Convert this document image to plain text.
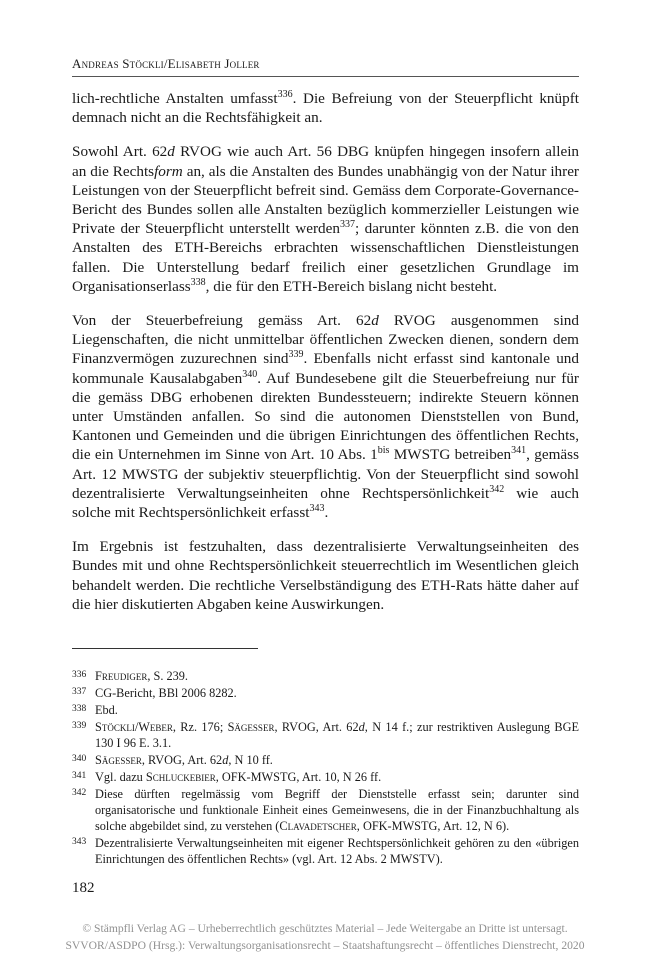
Andreas Stöckli/Elisabeth Joller

lich-rechtliche Anstalten umfasst$^{336}$. Die Befreiung von der Steuerpflicht knüpft demnach nicht an die Rechtsfähigkeit an.

Sowohl Art. 62d RVOG wie auch Art. 56 DBG knüpfen hingegen insofern allein an die Rechtsform an, als die Anstalten des Bundes unabhängig von der Natur ihrer Leistungen von der Steuerpflicht befreit sind. Gemäss dem Corporate-Governance-Bericht des Bundes sollen alle Anstalten bezüglich kommerzieller Leistungen wie Private der Steuerpflicht unterstellt werden$^{337}$; darunter könnten z.B. die von den Anstalten des ETH-Bereichs erbrachten wissenschaftlichen Dienstleistungen fallen. Die Unterstellung bedarf freilich einer gesetzlichen Grundlage im Organisationserlass$^{338}$, die für den ETH-Bereich bislang nicht besteht.

Von der Steuerbefreiung gemäss Art. 62d RVOG ausgenommen sind Liegenschaften, die nicht unmittelbar öffentlichen Zwecken dienen, sondern dem Finanzvermögen zuzurechnen sind$^{339}$. Ebenfalls nicht erfasst sind kantonale und kommunale Kausalabgaben$^{340}$. Auf Bundesebene gilt die Steuerbefreiung nur für die gemäss DBG erhobenen direkten Bundessteuern; indirekte Steuern können unter Umständen anfallen. So sind die autonomen Dienststellen von Bund, Kantonen und Gemeinden und die übrigen Einrichtungen des öffentlichen Rechts, die ein Unternehmen im Sinne von Art. 10 Abs. $1^{bis}$ MWSTG betreiben$^{341}$, gemäss Art. 12 MWSTG der subjektiv steuerpflichtig. Von der Steuerpflicht sind sowohl dezentralisierte Verwaltungseinheiten ohne Rechtspersönlichkeit$^{342}$ wie auch solche mit Rechtspersönlichkeit erfasst$^{343}$.

Im Ergebnis ist festzuhalten, dass dezentralisierte Verwaltungseinheiten des Bundes mit und ohne Rechtspersönlichkeit steuerrechtlich im Wesentlichen gleich behandelt werden. Die rechtliche Verselbständigung des ETH-Rats hätte daher auf die hier diskutierten Abgaben keine Auswirkungen.

336 Freudiger, S. 239.
337 CG-Bericht, BBl 2006 8282.
338 Ebd.
339 Stöckli/Weber, Rz. 176; Sägesser, RVOG, Art. 62d, N 14 f.; zur restriktiven Auslegung BGE 130 I 96 E. 3.1.
340 Sägesser, RVOG, Art. 62d, N 10 ff.
341 Vgl. dazu Schluckebier, OFK-MWSTG, Art. 10, N 26 ff.
342 Diese dürften regelmässig vom Begriff der Dienststelle erfasst sein; darunter sind organisatorische und funktionale Einheit eines Gemeinwesens, die in der Finanzbuchhaltung als solche abgebildet sind, zu verstehen (Clavadetscher, OFK-MWSTG, Art. 12, N 6).
343 Dezentralisierte Verwaltungseinheiten mit eigener Rechtspersönlichkeit gehören zu den «übrigen Einrichtungen des öffentlichen Rechts» (vgl. Art. 12 Abs. 2 MWSTV).
182
© Stämpfli Verlag AG – Urheberrechtlich geschütztes Material – Jede Weitergabe an Dritte ist untersagt.
SVVOR/ASDPO (Hrsg.): Verwaltungsorganisationsrecht – Staatshaftungsrecht – öffentliches Dienstrecht, 2020
